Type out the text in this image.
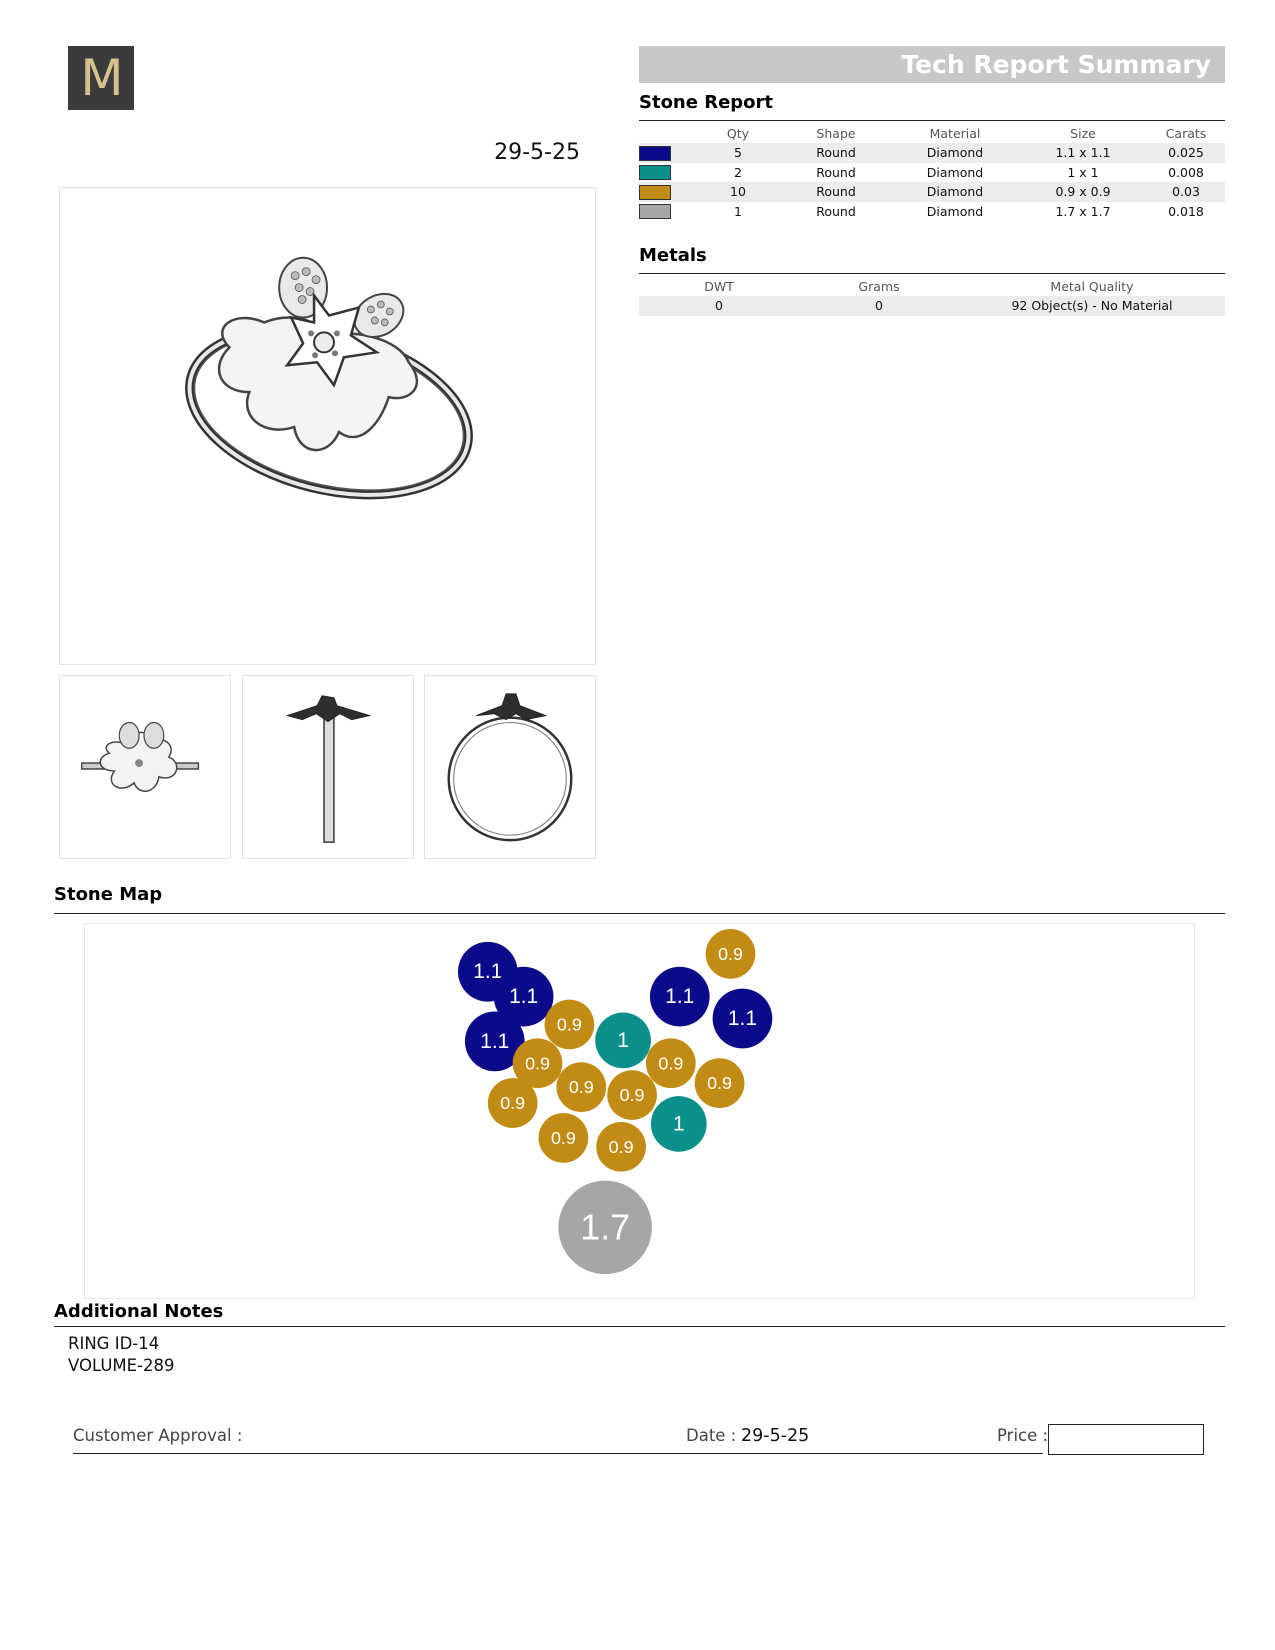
M
29-5-25
Tech Report Summary
Stone Report
	Qty	Shape	Material	Size	Carats
	5	Round	Diamond	1.1 x 1.1	0.025
	2	Round	Diamond	1 x 1	0.008
	10	Round	Diamond	0.9 x 0.9	0.03
	1	Round	Diamond	1.7 x 1.7	0.018
Metals
DWT	Grams	Metal Quality
0	0	92 Object(s) - No Material
Stone Map
1.1
1.1
1.1
1.1
1.1
0.9
0.9
0.9
0.9 0.9
0.9
0.9
0.9
0.9 0.9
1
1
1.7
Additional Notes
RING ID-14
VOLUME-289
Customer Approval :	Date : 29-5-25	Price :
